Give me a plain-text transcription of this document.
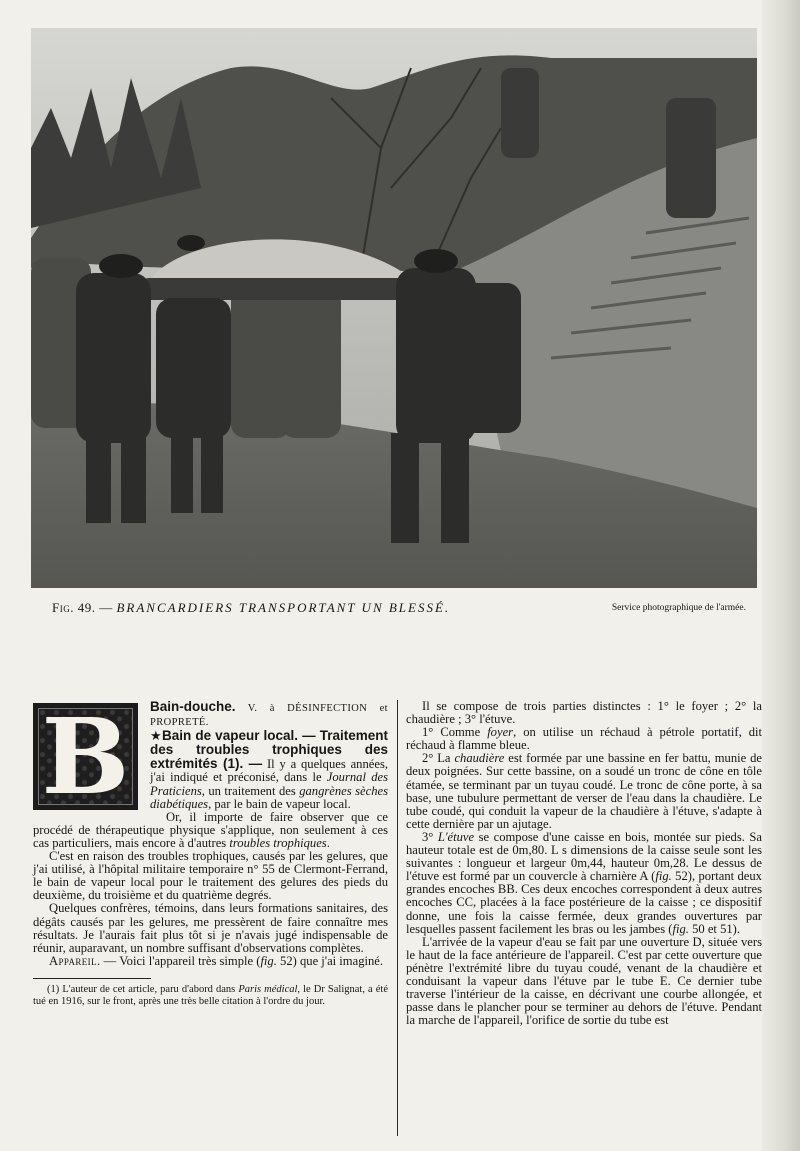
Fig. 49. — BRANCARDIERS TRANSPORTANT UN BLESSÉ.	Service photographique de l'armée.
B	Bain-douche. V. à DÉSINFECTION et PROPRETÉ.

★Bain de vapeur local. — Traitement des troubles trophiques des extrémités (1). — Il y a quelques années, j'ai indiqué et préconisé, dans le Journal des Praticiens, un traitement des gangrènes sèches diabétiques, par le bain de vapeur local.

Or, il importe de faire observer que ce procédé de thérapeutique physique s'applique, non seulement à ces cas particuliers, mais encore à d'autres troubles trophiques.

C'est en raison des troubles trophiques, causés par les gelures, que j'ai utilisé, à l'hôpital militaire temporaire n° 55 de Clermont-Ferrand, le bain de vapeur local pour le traitement des gelures des pieds du deuxième, du troisième et du quatrième degrés.

Quelques confrères, témoins, dans leurs formations sanitaires, des dégâts causés par les gelures, me pressèrent de faire connaître mes résultats. Je l'aurais fait plus tôt si je n'avais jugé indispensable de réunir, auparavant, un nombre suffisant d'observations complètes.

Appareil. — Voici l'appareil très simple (fig. 52) que j'ai imaginé.

(1) L'auteur de cet article, paru d'abord dans Paris médical, le Dr Salignat, a été tué en 1916, sur le front, après une très belle citation à l'ordre du jour.

Il se compose de trois parties distinctes : 1° le foyer ; 2° la chaudière ; 3° l'étuve.

1° Comme foyer, on utilise un réchaud à pétrole portatif, dit réchaud à flamme bleue.

2° La chaudière est formée par une bassine en fer battu, munie de deux poignées. Sur cette bassine, on a soudé un tronc de cône en tôle étamée, se terminant par un tuyau coudé. Le tronc de cône porte, à sa base, une tubulure permettant de verser de l'eau dans la chaudière. Le tube coudé, qui conduit la vapeur de la chaudière à l'étuve, s'adapte à cette dernière par un ajutage.

3° L'étuve se compose d'une caisse en bois, montée sur pieds. Sa hauteur totale est de 0m,80. L s dimensions de la caisse seule sont les suivantes : longueur et largeur 0m,44, hauteur 0m,28. Le dessus de l'étuve est formé par un couvercle à charnière A (fig. 52), portant deux grandes encoches BB. Ces deux encoches correspondent à deux autres encoches CC, placées à la face postérieure de la caisse ; ce dispositif donne, une fois la caisse fermée, deux grandes ouvertures par lesquelles passent facilement les bras ou les jambes (fig. 50 et 51).

L'arrivée de la vapeur d'eau se fait par une ouverture D, située vers le haut de la face antérieure de l'appareil. C'est par cette ouverture que pénètre l'extrémité libre du tuyau coudé, venant de la chaudière et conduisant la vapeur dans l'étuve par le tube E. Ce dernier tube traverse l'intérieur de la caisse, en décrivant une courbe allongée, et passe dans le plancher pour se terminer au dehors de l'étuve. Pendant la marche de l'appareil, l'orifice de sortie du tube est
